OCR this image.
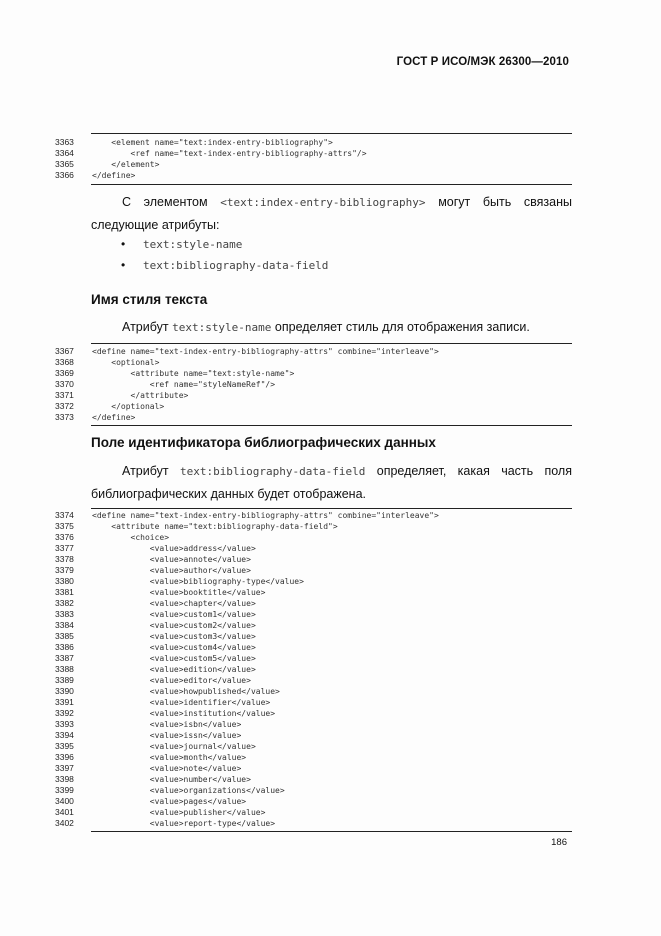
ГОСТ Р ИСО/МЭК 26300—2010
3363	<element name="text:index-entry-bibliography">
3364	<ref name="text-index-entry-bibliography-attrs"/>
3365	</element>
3366	</define>
С элементом <text:index-entry-bibliography> могут быть связаны
следующие атрибуты:
• text:style-name
• text:bibliography-data-field
Имя стиля текста
Атрибут text:style-name определяет стиль для отображения записи.
3367	<define name="text-index-entry-bibliography-attrs" combine="interleave">
3368	<optional>
3369	<attribute name="text:style-name">
3370	<ref name="styleNameRef"/>
3371	</attribute>
3372	</optional>
3373	</define>
Поле идентификатора библиографических данных
Атрибут text:bibliography-data-field определяет, какая часть поля
библиографических данных будет отображена.
3374	<define name="text-index-entry-bibliography-attrs" combine="interleave">
3375	<attribute name="text:bibliography-data-field">
3376	<choice>
3377	<value>address</value>
3378	<value>annote</value>
3379	<value>author</value>
3380	<value>bibliography-type</value>
3381	<value>booktitle</value>
3382	<value>chapter</value>
3383	<value>custom1</value>
3384	<value>custom2</value>
3385	<value>custom3</value>
3386	<value>custom4</value>
3387	<value>custom5</value>
3388	<value>edition</value>
3389	<value>editor</value>
3390	<value>howpublished</value>
3391	<value>identifier</value>
3392	<value>institution</value>
3393	<value>isbn</value>
3394	<value>issn</value>
3395	<value>journal</value>
3396	<value>month</value>
3397	<value>note</value>
3398	<value>number</value>
3399	<value>organizations</value>
3400	<value>pages</value>
3401	<value>publisher</value>
3402	<value>report-type</value>
186
